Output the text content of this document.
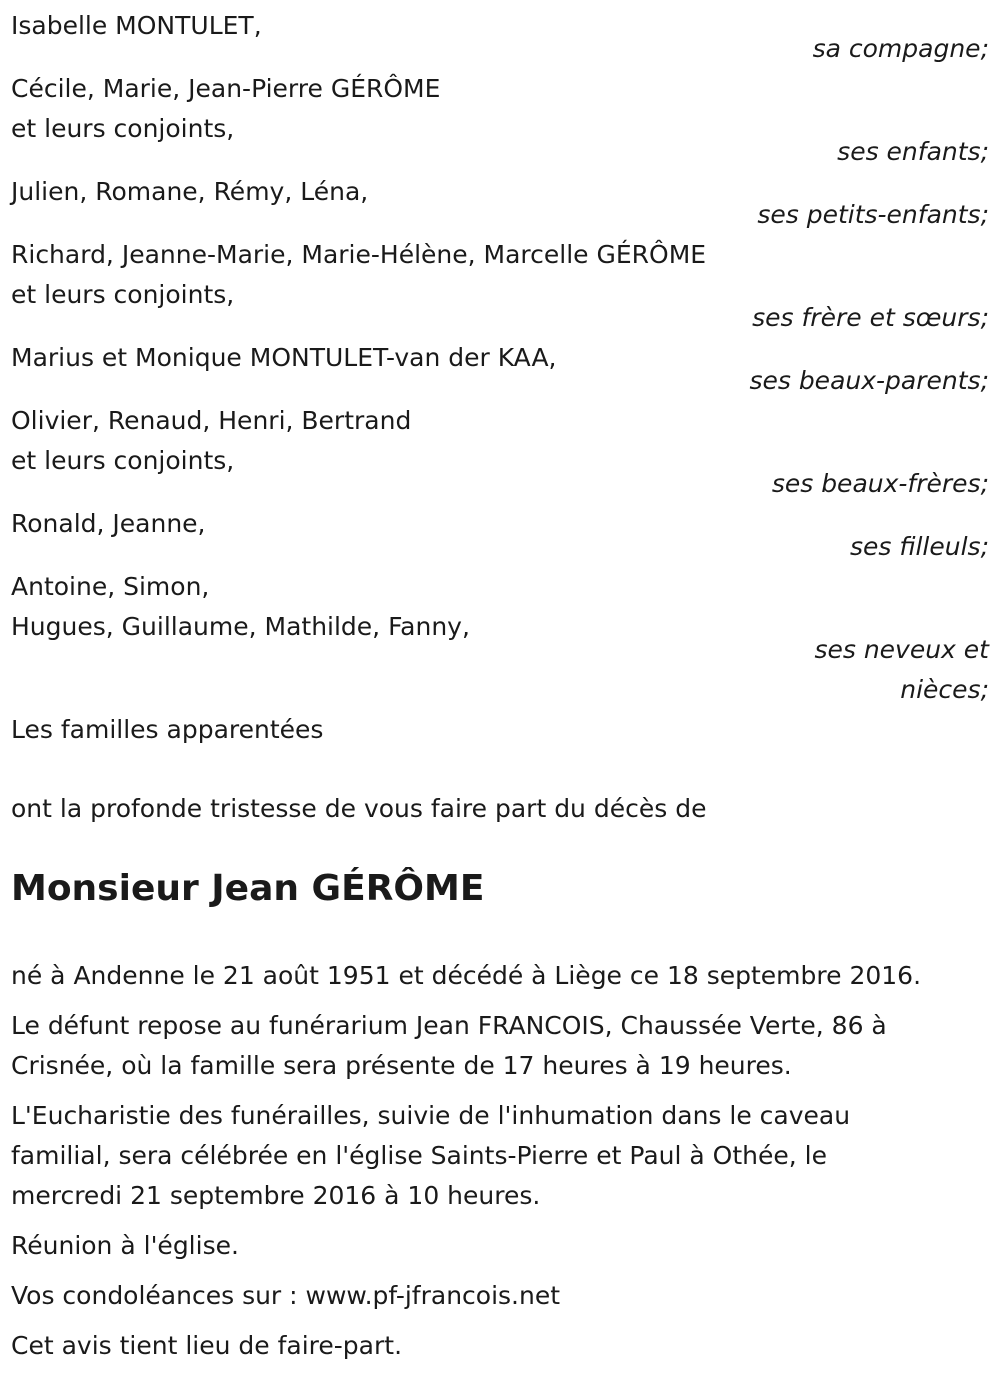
Isabelle MONTULET,
sa compagne;
Cécile, Marie, Jean-Pierre GÉRÔME
et leurs conjoints,
ses enfants;
Julien, Romane, Rémy, Léna,
ses petits-enfants;
Richard, Jeanne-Marie, Marie-Hélène, Marcelle GÉRÔME
et leurs conjoints,
ses frère et sœurs;
Marius et Monique MONTULET-van der KAA,
ses beaux-parents;
Olivier, Renaud, Henri, Bertrand
et leurs conjoints,
ses beaux-frères;
Ronald, Jeanne,
ses filleuls;
Antoine, Simon,
Hugues, Guillaume, Mathilde, Fanny,
ses neveux et
nièces;
Les familles apparentées
ont la profonde tristesse de vous faire part du décès de
Monsieur Jean GÉRÔME
né à Andenne le 21 août 1951 et décédé à Liège ce 18 septembre 2016.
Le défunt repose au funérarium Jean FRANCOIS, Chaussée Verte, 86 à
Crisnée, où la famille sera présente de 17 heures à 19 heures.
L'Eucharistie des funérailles, suivie de l'inhumation dans le caveau
familial, sera célébrée en l'église Saints-Pierre et Paul à Othée, le
mercredi 21 septembre 2016 à 10 heures.
Réunion à l'église.
Vos condoléances sur : www.pf-jfrancois.net
Cet avis tient lieu de faire-part.
